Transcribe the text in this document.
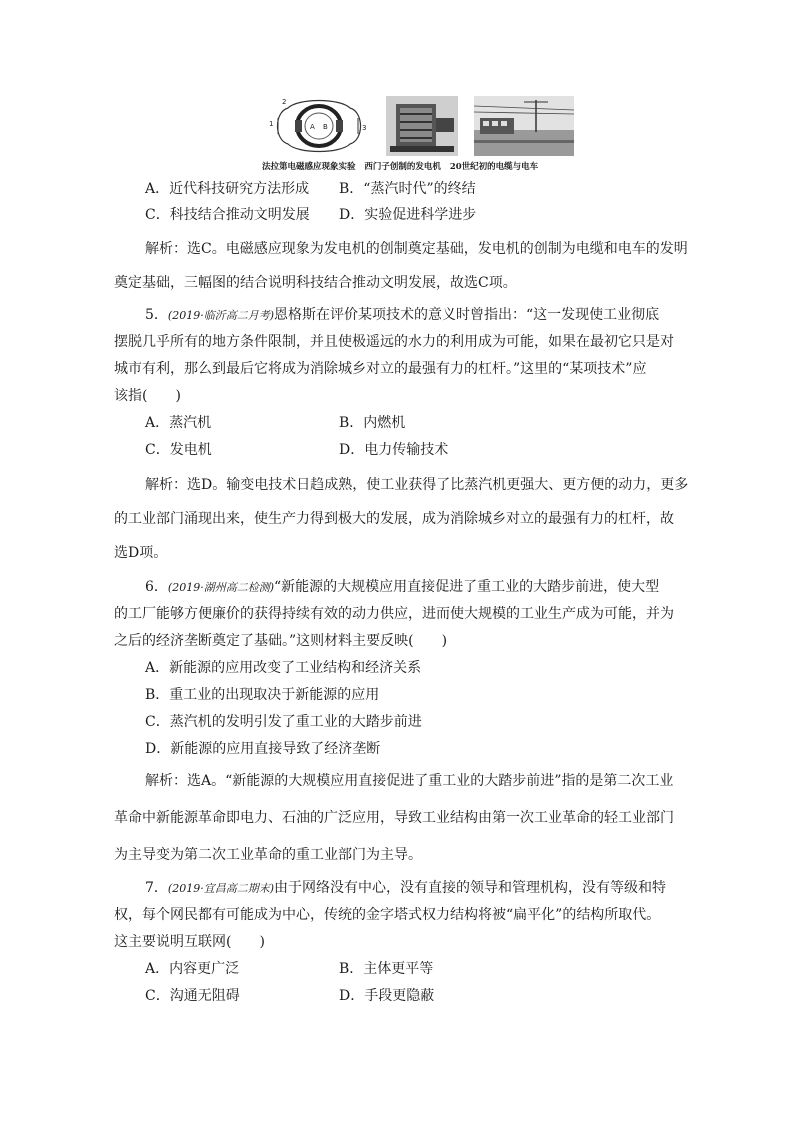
2
1	A B	3
法拉第电磁感应现象实验 西门子创制的发电机 20世纪初的电缆与电车
A．近代科技研究方法形成 B．“蒸汽时代”的终结
C．科技结合推动文明发展 D．实验促进科学进步
解析：选C。电磁感应现象为发电机的创制奠定基础，发电机的创制为电缆和电车的发明
奠定基础，三幅图的结合说明科技结合推动文明发展，故选C项。
5．(2019·临沂高二月考)恩格斯在评价某项技术的意义时曾指出：“这一发现使工业彻底
摆脱几乎所有的地方条件限制，并且使极遥远的水力的利用成为可能，如果在最初它只是对
城市有利，那么到最后它将成为消除城乡对立的最强有力的杠杆。”这里的“某项技术”应
该指(　　)
A．蒸汽机	B．内燃机
C．发电机	D．电力传输技术
解析：选D。输变电技术日趋成熟，使工业获得了比蒸汽机更强大、更方便的动力，更多
的工业部门涌现出来，使生产力得到极大的发展，成为消除城乡对立的最强有力的杠杆，故
选D项。
6．(2019·湖州高二检测)“新能源的大规模应用直接促进了重工业的大踏步前进，使大型
的工厂能够方便廉价的获得持续有效的动力供应，进而使大规模的工业生产成为可能，并为
之后的经济垄断奠定了基础。”这则材料主要反映(　　)
A．新能源的应用改变了工业结构和经济关系
B．重工业的出现取决于新能源的应用
C．蒸汽机的发明引发了重工业的大踏步前进
D．新能源的应用直接导致了经济垄断
解析：选A。“新能源的大规模应用直接促进了重工业的大踏步前进”指的是第二次工业
革命中新能源革命即电力、石油的广泛应用，导致工业结构由第一次工业革命的轻工业部门
为主导变为第二次工业革命的重工业部门为主导。
7．(2019·宜昌高二期末)由于网络没有中心，没有直接的领导和管理机构，没有等级和特
权，每个网民都有可能成为中心，传统的金字塔式权力结构将被“扁平化”的结构所取代。
这主要说明互联网(　　)
A．内容更广泛	B．主体更平等
C．沟通无阻碍	D．手段更隐蔽
